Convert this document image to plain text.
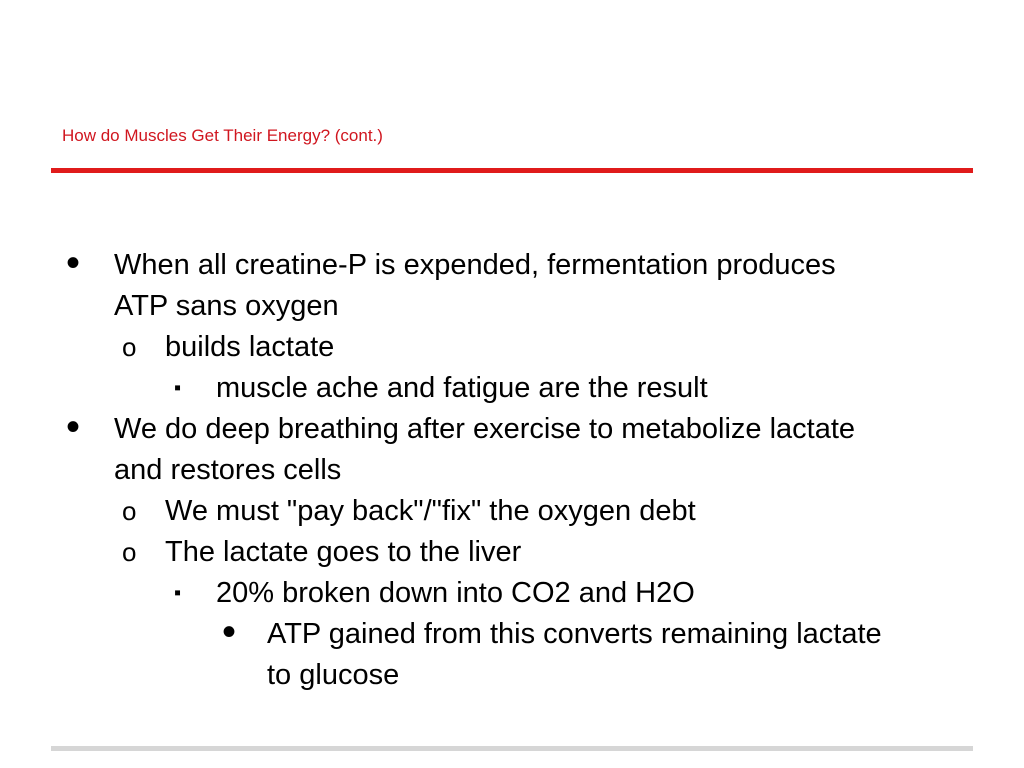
How do Muscles Get Their Energy? (cont.)
• When all creatine-P is expended, fermentation produces ATP sans oxygen
o builds lactate
▪ muscle ache and fatigue are the result
• We do deep breathing after exercise to metabolize lactate and restores cells
o We must "pay back"/"fix" the oxygen debt
o The lactate goes to the liver
▪ 20% broken down into CO2 and H2O
• ATP gained from this converts remaining lactate to glucose
